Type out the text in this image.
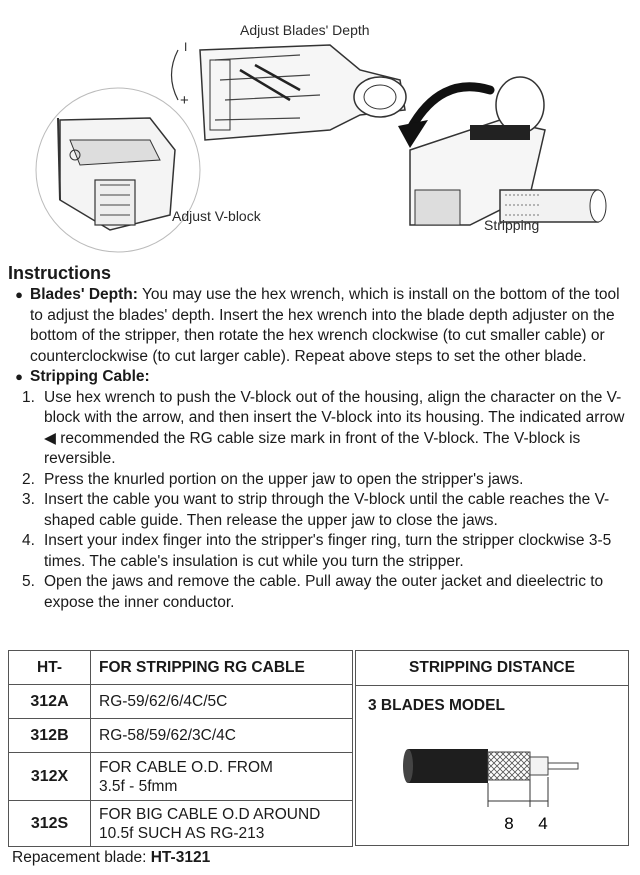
Adjust Blades' Depth
Adjust V-block
Stripping
I
+
Instructions
● Blades' Depth: You may use the hex wrench, which is install on the bottom of the tool to adjust the blades' depth. Insert the hex wrench into the blade depth adjuster on the bottom of the stripper, then rotate the hex wrench clockwise (to cut smaller cable) or counterclockwise (to cut larger cable). Repeat above steps to set the other blade.
● Stripping Cable:
1. Use hex wrench to push the V-block out of the housing, align the character on the V-block with the arrow, and then insert the V-block into its housing. The indicated arrow ◀ recommended the RG cable size mark in front of the V-block. The V-block is reversible.
2. Press the knurled portion on the upper jaw to open the stripper's jaws.
3. Insert the cable you want to strip through the V-block until the cable reaches the V-shaped cable guide. Then release the upper jaw to close the jaws.
4. Insert your index finger into the stripper's finger ring, turn the stripper clockwise 3-5 times. The cable's insulation is cut while you turn the stripper.
5. Open the jaws and remove the cable. Pull away the outer jacket and dieelectric to expose the inner conductor.
HT-	FOR STRIPPING RG CABLE
312A	RG-59/62/6/4C/5C
312B	RG-58/59/62/3C/4C
312X	FOR CABLE O.D. FROM
3.5f - 5fmm

312S	FOR BIG CABLE O.D AROUND
10.5f SUCH AS RG-213
STRIPPING DISTANCE
3 BLADES MODEL
8 4
Repacement blade: HT-3121
